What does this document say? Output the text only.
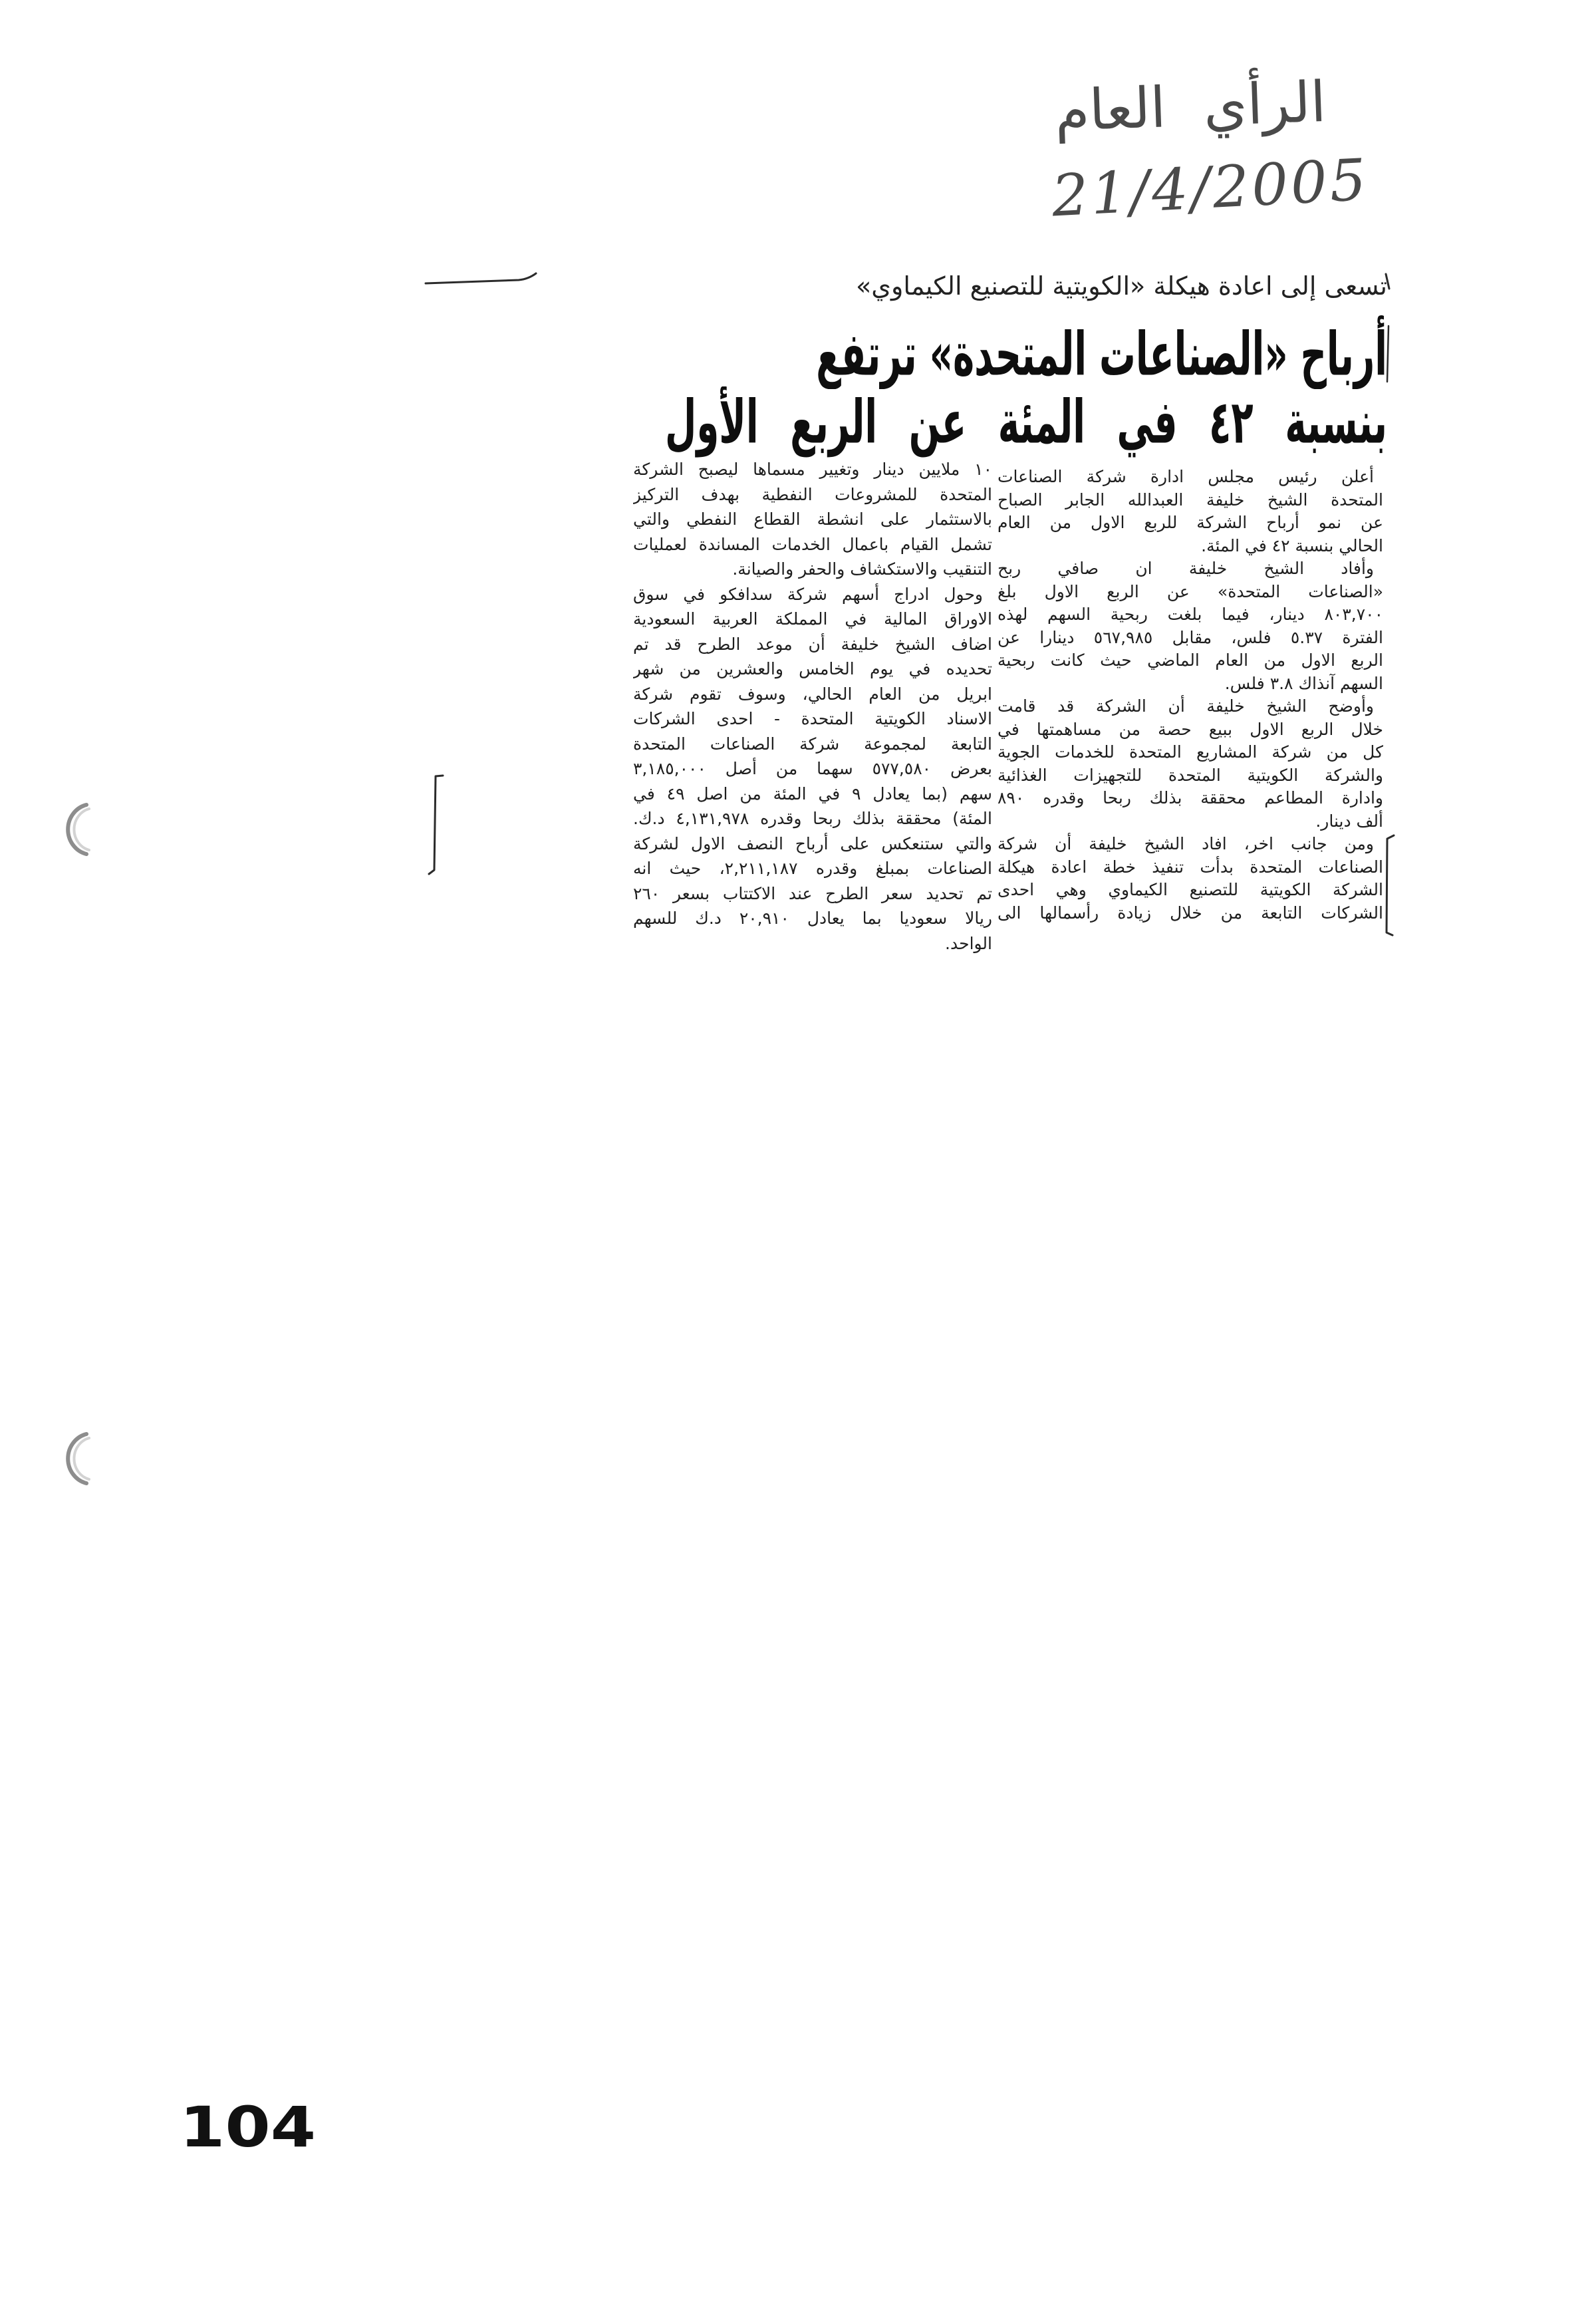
الرأي العام
21/4/2005
تسعى إلى اعادة هيكلة «الكويتية للتصنيع الكيماوي»
أرباح «الصناعات المتحدة» ترتفع
بنسبة ٤٢ في المئة عن الربع الأول
أعلن رئيس مجلس ادارة شركة الصناعات
المتحدة الشيخ خليفة العبدالله الجابر الصباح
عن نمو أرباح الشركة للربع الاول من العام
الحالي بنسبة ٤٢ في المئة.
وأفاد الشيخ خليفة ان صافي ربح
«الصناعات المتحدة» عن الربع الاول بلغ
٨٠٣,٧٠٠ دينار، فيما بلغت ربحية السهم لهذه
الفترة ٥.٣٧ فلس، مقابل ٥٦٧,٩٨٥ دينارا عن
الربع الاول من العام الماضي حيث كانت ربحية
السهم آنذاك ٣.٨ فلس.
وأوضح الشيخ خليفة أن الشركة قد قامت
خلال الربع الاول ببيع حصة من مساهمتها في
كل من شركة المشاريع المتحدة للخدمات الجوية
والشركة الكويتية المتحدة للتجهيزات الغذائية
وادارة المطاعم محققة بذلك ربحا وقدره ٨٩٠
ألف دينار.
ومن جانب اخر، افاد الشيخ خليفة أن شركة
الصناعات المتحدة بدأت تنفيذ خطة اعادة هيكلة
الشركة الكويتية للتصنيع الكيماوي وهي احدى
الشركات التابعة من خلال زيادة رأسمالها الى
١٠ ملايين دينار وتغيير مسماها ليصبح الشركة
المتحدة للمشروعات النفطية بهدف التركيز
بالاستثمار على انشطة القطاع النفطي والتي
تشمل القيام باعمال الخدمات المساندة لعمليات
التنقيب والاستكشاف والحفر والصيانة.
وحول ادراج أسهم شركة سدافكو في سوق
الاوراق المالية في المملكة العربية السعودية
اضاف الشيخ خليفة أن موعد الطرح قد تم
تحديده في يوم الخامس والعشرين من شهر
ابريل من العام الحالي، وسوف تقوم شركة
الاسناد الكويتية المتحدة - احدى الشركات
التابعة لمجموعة شركة الصناعات المتحدة
بعرض ٥٧٧,٥٨٠ سهما من أصل ٣,١٨٥,٠٠٠
سهم (بما يعادل ٩ في المئة من اصل ٤٩ في
المئة) محققة بذلك ربحا وقدره ٤,١٣١,٩٧٨ د.ك.
والتي ستنعكس على أرباح النصف الاول لشركة
الصناعات بمبلغ وقدره ٢,٢١١,١٨٧، حيث انه
تم تحديد سعر الطرح عند الاكتتاب بسعر ٢٦٠
ريالا سعوديا بما يعادل ٢٠,٩١٠ د.ك للسهم
الواحد.
104
